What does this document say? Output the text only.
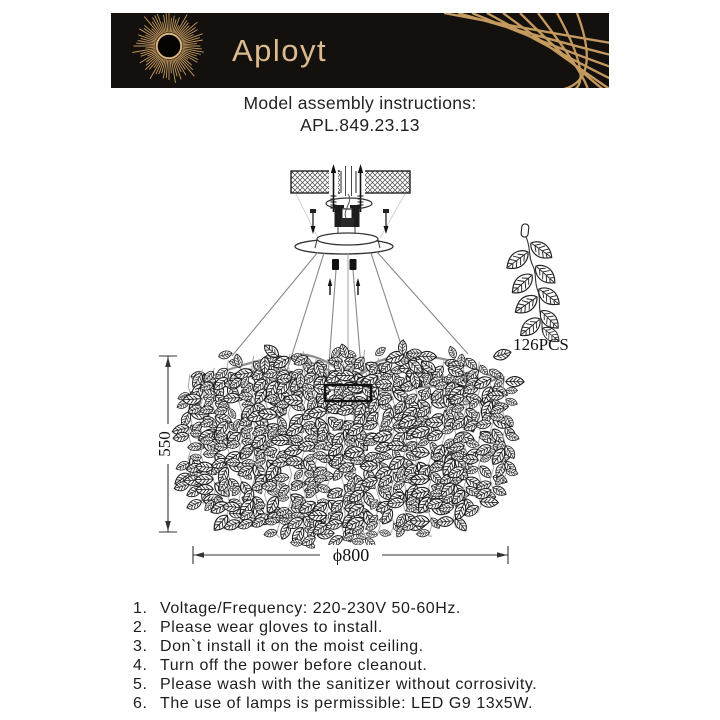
Aployt
Model assembly instructions:
APL.849.23.13
550
ϕ800
126PCS
1. Voltage/Frequency: 220-230V 50-60Hz.
2. Please wear gloves to install.
3. Don`t install it on the moist ceiling.
4. Turn off the power before cleanout.
5. Please wash with the sanitizer without corrosivity.
6. The use of lamps is permissible: LED G9 13x5W.
